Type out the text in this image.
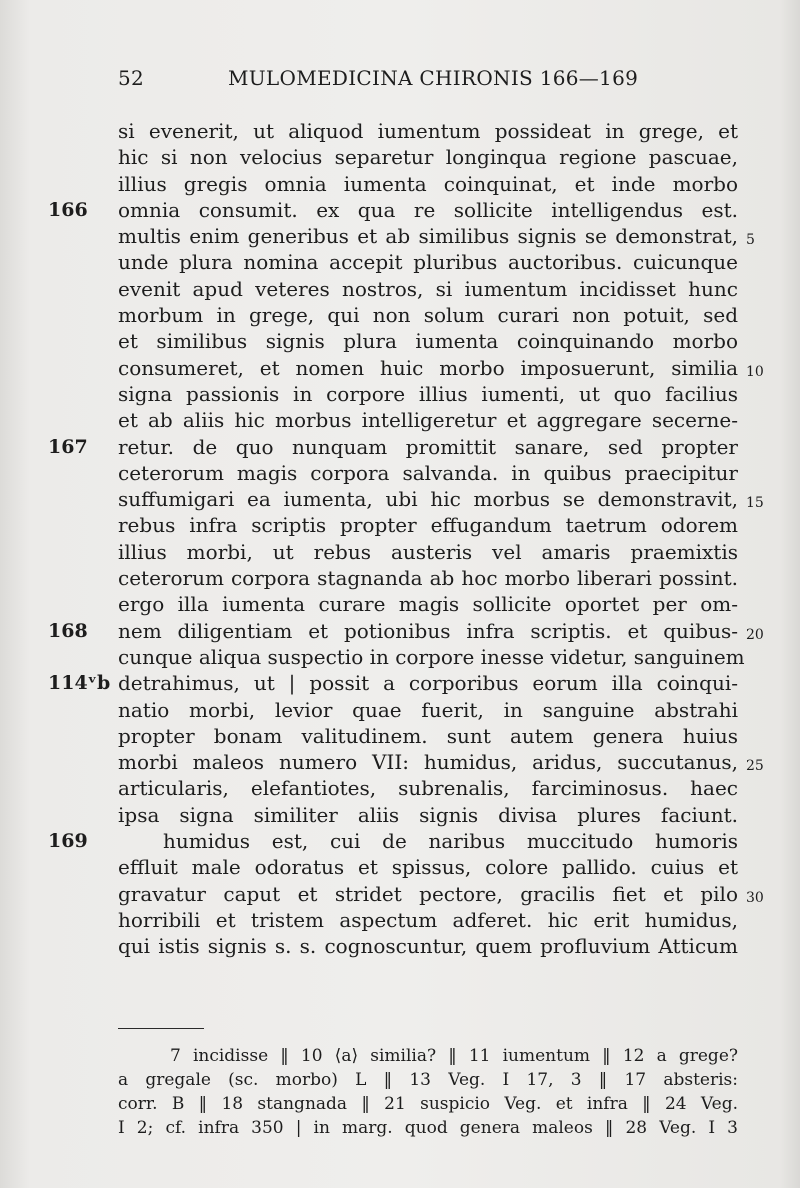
52	MULOMEDICINA CHIRONIS 166—169
si evenerit, ut aliquod iumentum possideat in grege, et
hic si non velocius separetur longinqua regione pascuae,
illius gregis omnia iumenta coinquinat, et inde morbo
166	omnia consumit. ex qua re sollicite intelligendus est.
multis enim generibus et ab similibus signis se demonstrat, 5
unde plura nomina accepit pluribus auctoribus. cuicunque
evenit apud veteres nostros, si iumentum incidisset hunc
morbum in grege, qui non solum curari non potuit, sed
et similibus signis plura iumenta coinquinando morbo
consumeret, et nomen huic morbo imposuerunt, similia 10
signa passionis in corpore illius iumenti, ut quo facilius
et ab aliis hic morbus intelligeretur et aggregare secerne-
167	retur. de quo nunquam promittit sanare, sed propter
ceterorum magis corpora salvanda. in quibus praecipitur
suffumigari ea iumenta, ubi hic morbus se demonstravit, 15
rebus infra scriptis propter effugandum taetrum odorem
illius morbi, ut rebus austeris vel amaris praemixtis
ceterorum corpora stagnanda ab hoc morbo liberari possint.
ergo illa iumenta curare magis sollicite oportet per om-
168	nem diligentiam et potionibus infra scriptis. et quibus- 20
cunque aliqua suspectio in corpore inesse videtur, sanguinem
114ᵛb detrahimus, ut | possit a corporibus eorum illa coinqui-
natio morbi, levior quae fuerit, in sanguine abstrahi
propter bonam valitudinem. sunt autem genera huius
morbi maleos numero VII: humidus, aridus, succutanus, 25
articularis, elefantiotes, subrenalis, farciminosus. haec
ipsa signa similiter aliis signis divisa plures faciunt.
169	humidus est, cui de naribus muccitudo humoris
effluit male odoratus et spissus, colore pallido. cuius et
gravatur caput et stridet pectore, gracilis fiet et pilo 30
horribili et tristem aspectum adferet. hic erit humidus,
qui istis signis s. s. cognoscuntur, quem profluvium Atticum
7 incidisse ‖ 10 ⟨a⟩ similia? ‖ 11 iumentum ‖ 12 a grege?
a gregale (sc. morbo) L ‖ 13 Veg. I 17, 3 ‖ 17 absteris:
corr. B ‖ 18 stangnada ‖ 21 suspicio Veg. et infra ‖ 24 Veg.
I 2; cf. infra 350 | in marg. quod genera maleos ‖ 28 Veg. I 3
